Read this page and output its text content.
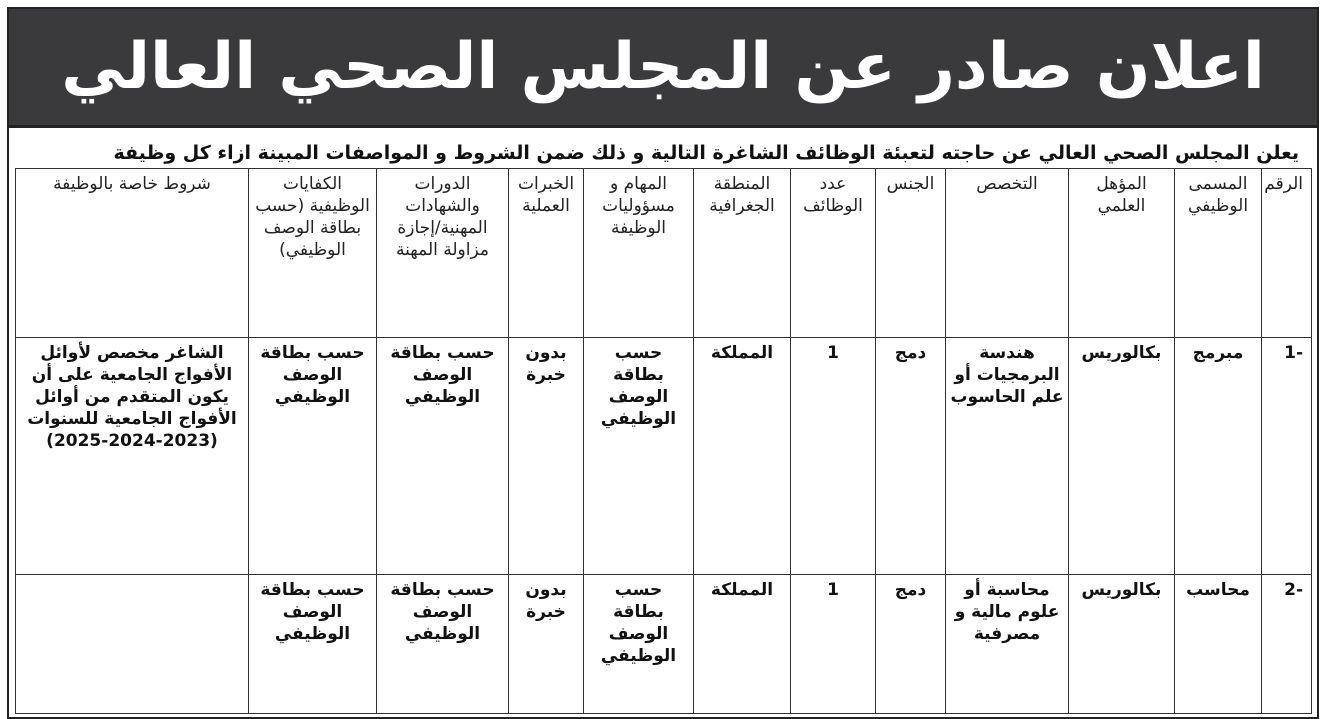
اعلان صادر عن المجلس الصحي العالي
يعلن المجلس الصحي العالي عن حاجته لتعبئة الوظائف الشاغرة التالية و ذلك ضمن الشروط و المواصفات المبينة ازاء كل وظيفة
الرقم	المسمى الوظيفي	المؤهل العلمي	التخصص	الجنس	عدد الوظائف	المنطقة الجغرافية	المهام و مسؤوليات الوظيفة	الخبرات العملية	الدورات والشهادات المهنية/إجازة مزاولة المهنة	الكفايات الوظيفية (حسب بطاقة الوصف الوظيفي)	شروط خاصة بالوظيفة
-1	مبرمج	بكالوريس	هندسة البرمجيات أو علم الحاسوب	دمج	1	المملكة	حسب بطاقة الوصف الوظيفي	بدون خبرة	حسب بطاقة الوصف الوظيفي	حسب بطاقة الوصف الوظيفي	الشاغر مخصص لأوائل الأفواج الجامعية على أن يكون المتقدم من أوائل الأفواج الجامعية للسنوات (2023-2024-2025)
-2	محاسب	بكالوريس	محاسبة أو علوم مالية و مصرفية	دمج	1	المملكة	حسب بطاقة الوصف الوظيفي	بدون خبرة	حسب بطاقة الوصف الوظيفي	حسب بطاقة الوصف الوظيفي	
